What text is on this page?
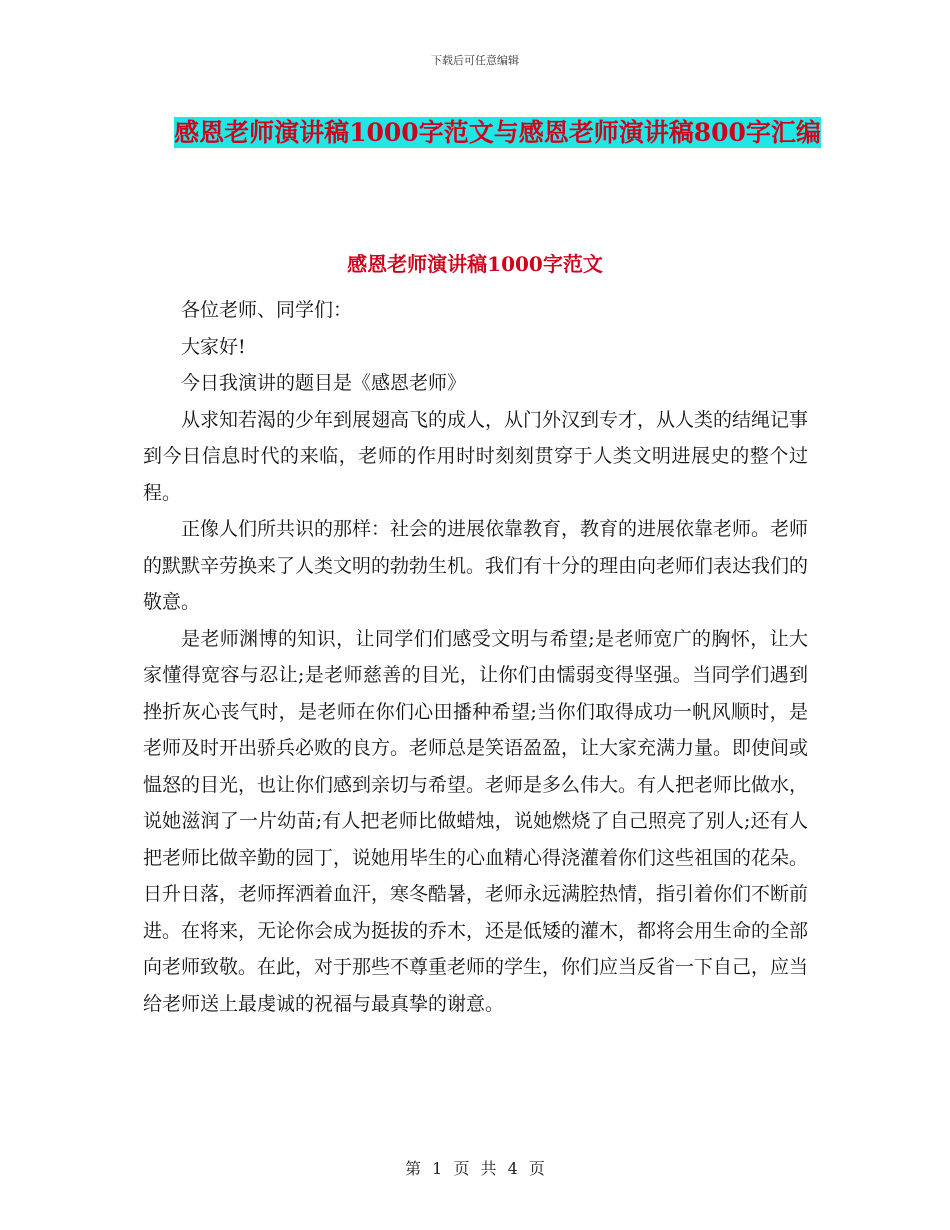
下载后可任意编辑
感恩老师演讲稿1000字范文与感恩老师演讲稿800字汇编
感恩老师演讲稿1000字范文

各位老师、同学们：

大家好!

今日我演讲的题目是《感恩老师》

从求知若渴的少年到展翅高飞的成人，从门外汉到专才，从人类的结绳记事到今日信息时代的来临，老师的作用时时刻刻贯穿于人类文明进展史的整个过程。

正像人们所共识的那样：社会的进展依靠教育，教育的进展依靠老师。老师的默默辛劳换来了人类文明的勃勃生机。我们有十分的理由向老师们表达我们的敬意。

是老师渊博的知识，让同学们们感受文明与希望;是老师宽广的胸怀，让大家懂得宽容与忍让;是老师慈善的目光，让你们由懦弱变得坚强。当同学们遇到挫折灰心丧气时，是老师在你们心田播种希望;当你们取得成功一帆风顺时，是老师及时开出骄兵必败的良方。老师总是笑语盈盈，让大家充满力量。即使间或愠怒的目光，也让你们感到亲切与希望。老师是多么伟大。有人把老师比做水，说她滋润了一片幼苗;有人把老师比做蜡烛，说她燃烧了自己照亮了别人;还有人把老师比做辛勤的园丁，说她用毕生的心血精心得浇灌着你们这些祖国的花朵。日升日落，老师挥洒着血汗，寒冬酷暑，老师永远满腔热情，指引着你们不断前进。在将来，无论你会成为挺拔的乔木，还是低矮的灌木，都将会用生命的全部向老师致敬。在此，对于那些不尊重老师的学生，你们应当反省一下自己，应当给老师送上最虔诚的祝福与最真挚的谢意。

第 1 页 共 4 页
